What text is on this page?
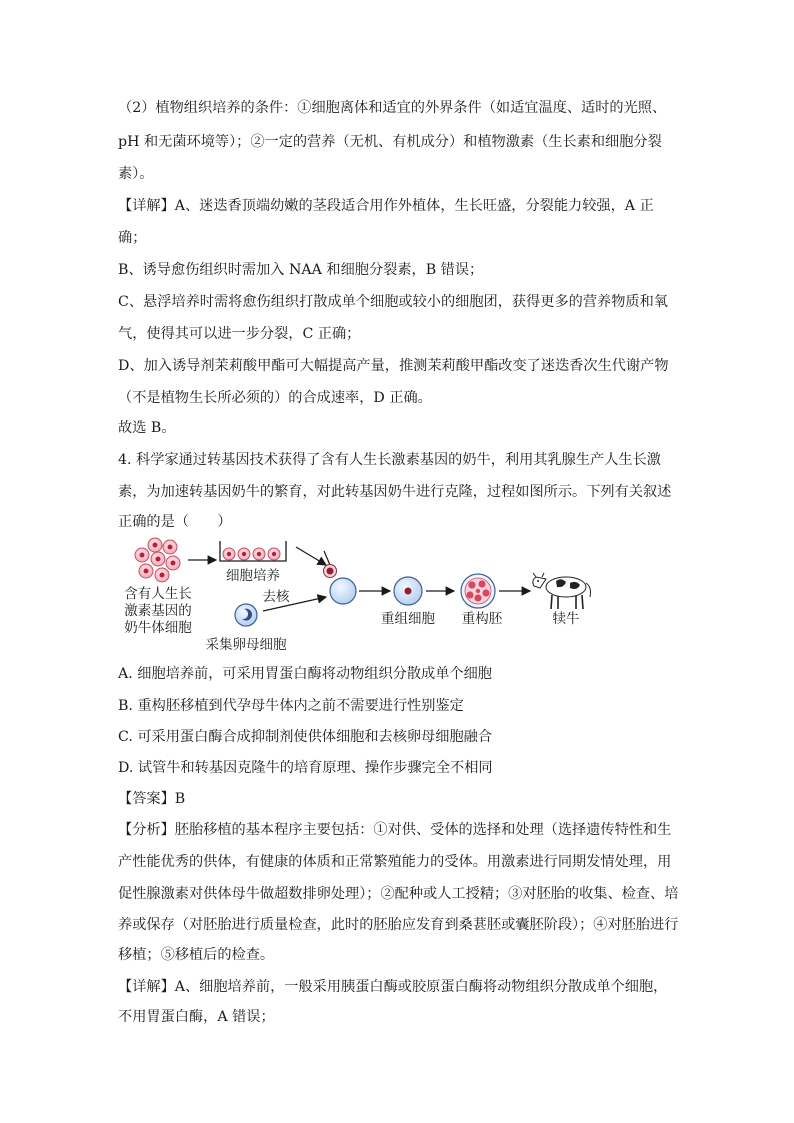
（2）植物组织培养的条件：①细胞离体和适宜的外界条件（如适宜温度、适时的光照、
pH 和无菌环境等）；②一定的营养（无机、有机成分）和植物激素（生长素和细胞分裂
素）。
【详解】A、迷迭香顶端幼嫩的茎段适合用作外植体，生长旺盛，分裂能力较强，A 正
确；
B、诱导愈伤组织时需加入 NAA 和细胞分裂素，B 错误；
C、悬浮培养时需将愈伤组织打散成单个细胞或较小的细胞团，获得更多的营养物质和氧
气，使得其可以进一步分裂，C 正确；
D、加入诱导剂茉莉酸甲酯可大幅提高产量，推测茉莉酸甲酯改变了迷迭香次生代谢产物
（不是植物生长所必须的）的合成速率，D 正确。
故选 B。
4. 科学家通过转基因技术获得了含有人生长激素基因的奶牛，利用其乳腺生产人生长激
素，为加速转基因奶牛的繁育，对此转基因奶牛进行克隆，过程如图所示。下列有关叙述
正确的是（　　）
含有人生长
激素基因的
奶牛体细胞
细胞培养
采集卵母细胞
去核
重组细胞 重构胚	犊牛
A. 细胞培养前，可采用胃蛋白酶将动物组织分散成单个细胞
B. 重构胚移植到代孕母牛体内之前不需要进行性别鉴定
C. 可采用蛋白酶合成抑制剂使供体细胞和去核卵母细胞融合
D. 试管牛和转基因克隆牛的培育原理、操作步骤完全不相同
【答案】B
【分析】胚胎移植的基本程序主要包括：①对供、受体的选择和处理（选择遗传特性和生
产性能优秀的供体，有健康的体质和正常繁殖能力的受体。用激素进行同期发情处理，用
促性腺激素对供体母牛做超数排卵处理）；②配种或人工授精；③对胚胎的收集、检查、培
养或保存（对胚胎进行质量检查，此时的胚胎应发育到桑葚胚或囊胚阶段）；④对胚胎进行
移植；⑤移植后的检查。
【详解】A、细胞培养前，一般采用胰蛋白酶或胶原蛋白酶将动物组织分散成单个细胞，
不用胃蛋白酶，A 错误；
